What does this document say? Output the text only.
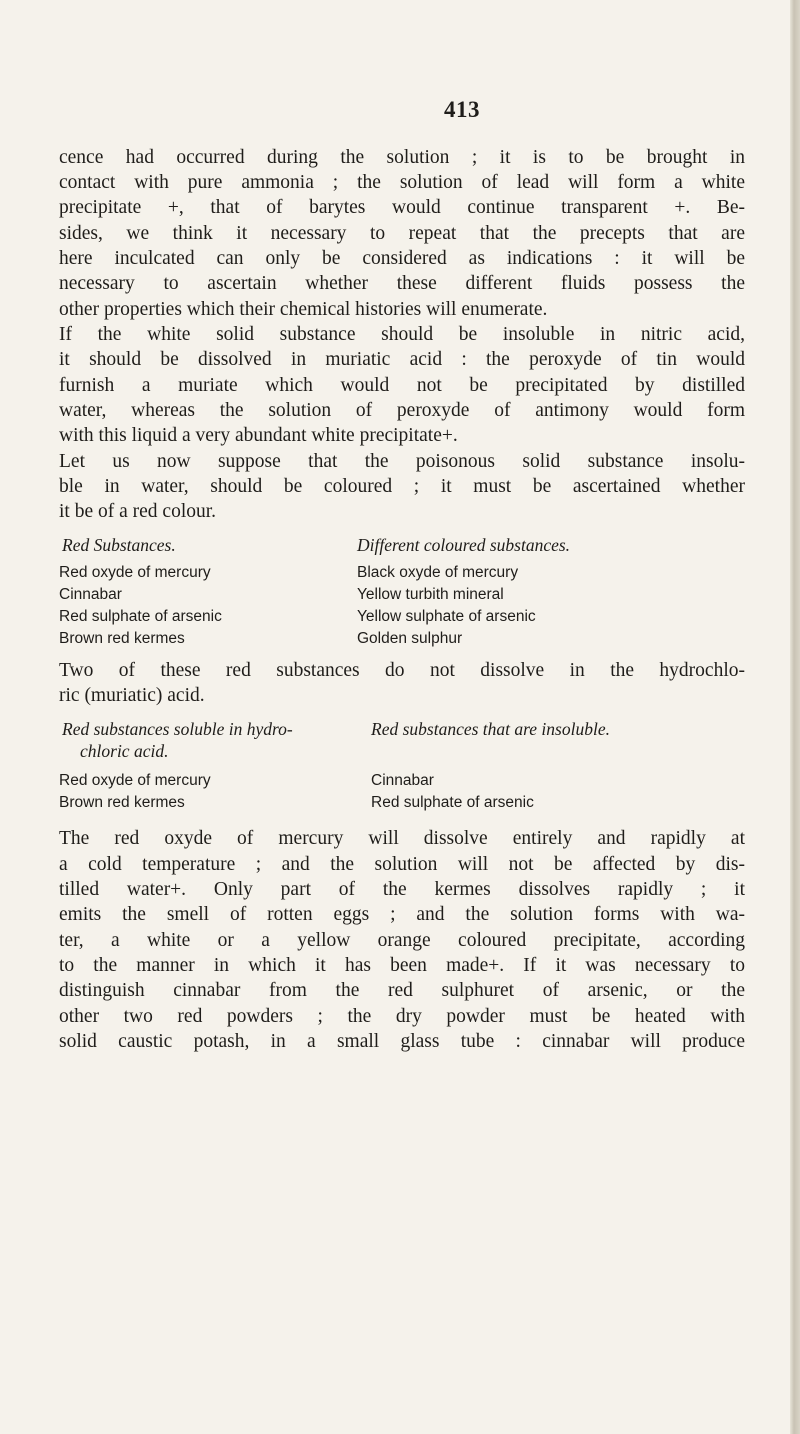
413
cence had occurred during the solution ; it is to be brought in
contact with pure ammonia ; the solution of lead will form a white
precipitate +, that of barytes would continue transparent +. Be-
sides, we think it necessary to repeat that the precepts that are
here inculcated can only be considered as indications : it will be
necessary to ascertain whether these different fluids possess the
other properties which their chemical histories will enumerate.
If the white solid substance should be insoluble in nitric acid,
it should be dissolved in muriatic acid : the peroxyde of tin would
furnish a muriate which would not be precipitated by distilled
water, whereas the solution of peroxyde of antimony would form
with this liquid a very abundant white precipitate+.
Let us now suppose that the poisonous solid substance insolu-
ble in water, should be coloured ; it must be ascertained whether
it be of a red colour.
Red Substances.	Different coloured substances.
Red oxyde of mercury
Cinnabar
Red sulphate of arsenic
Brown red kermes
Black oxyde of mercury
Yellow turbith mineral
Yellow sulphate of arsenic
Golden sulphur
Two of these red substances do not dissolve in the hydrochlo-
ric (muriatic) acid.
Red substances soluble in hydro-
chloric acid.
Red substances that are insoluble.
Red oxyde of mercury
Brown red kermes
Cinnabar
Red sulphate of arsenic
The red oxyde of mercury will dissolve entirely and rapidly at
a cold temperature ; and the solution will not be affected by dis-
tilled water+. Only part of the kermes dissolves rapidly ; it
emits the smell of rotten eggs ; and the solution forms with wa-
ter, a white or a yellow orange coloured precipitate, according
to the manner in which it has been made+. If it was necessary to
distinguish cinnabar from the red sulphuret of arsenic, or the
other two red powders ; the dry powder must be heated with
solid caustic potash, in a small glass tube : cinnabar will produce
